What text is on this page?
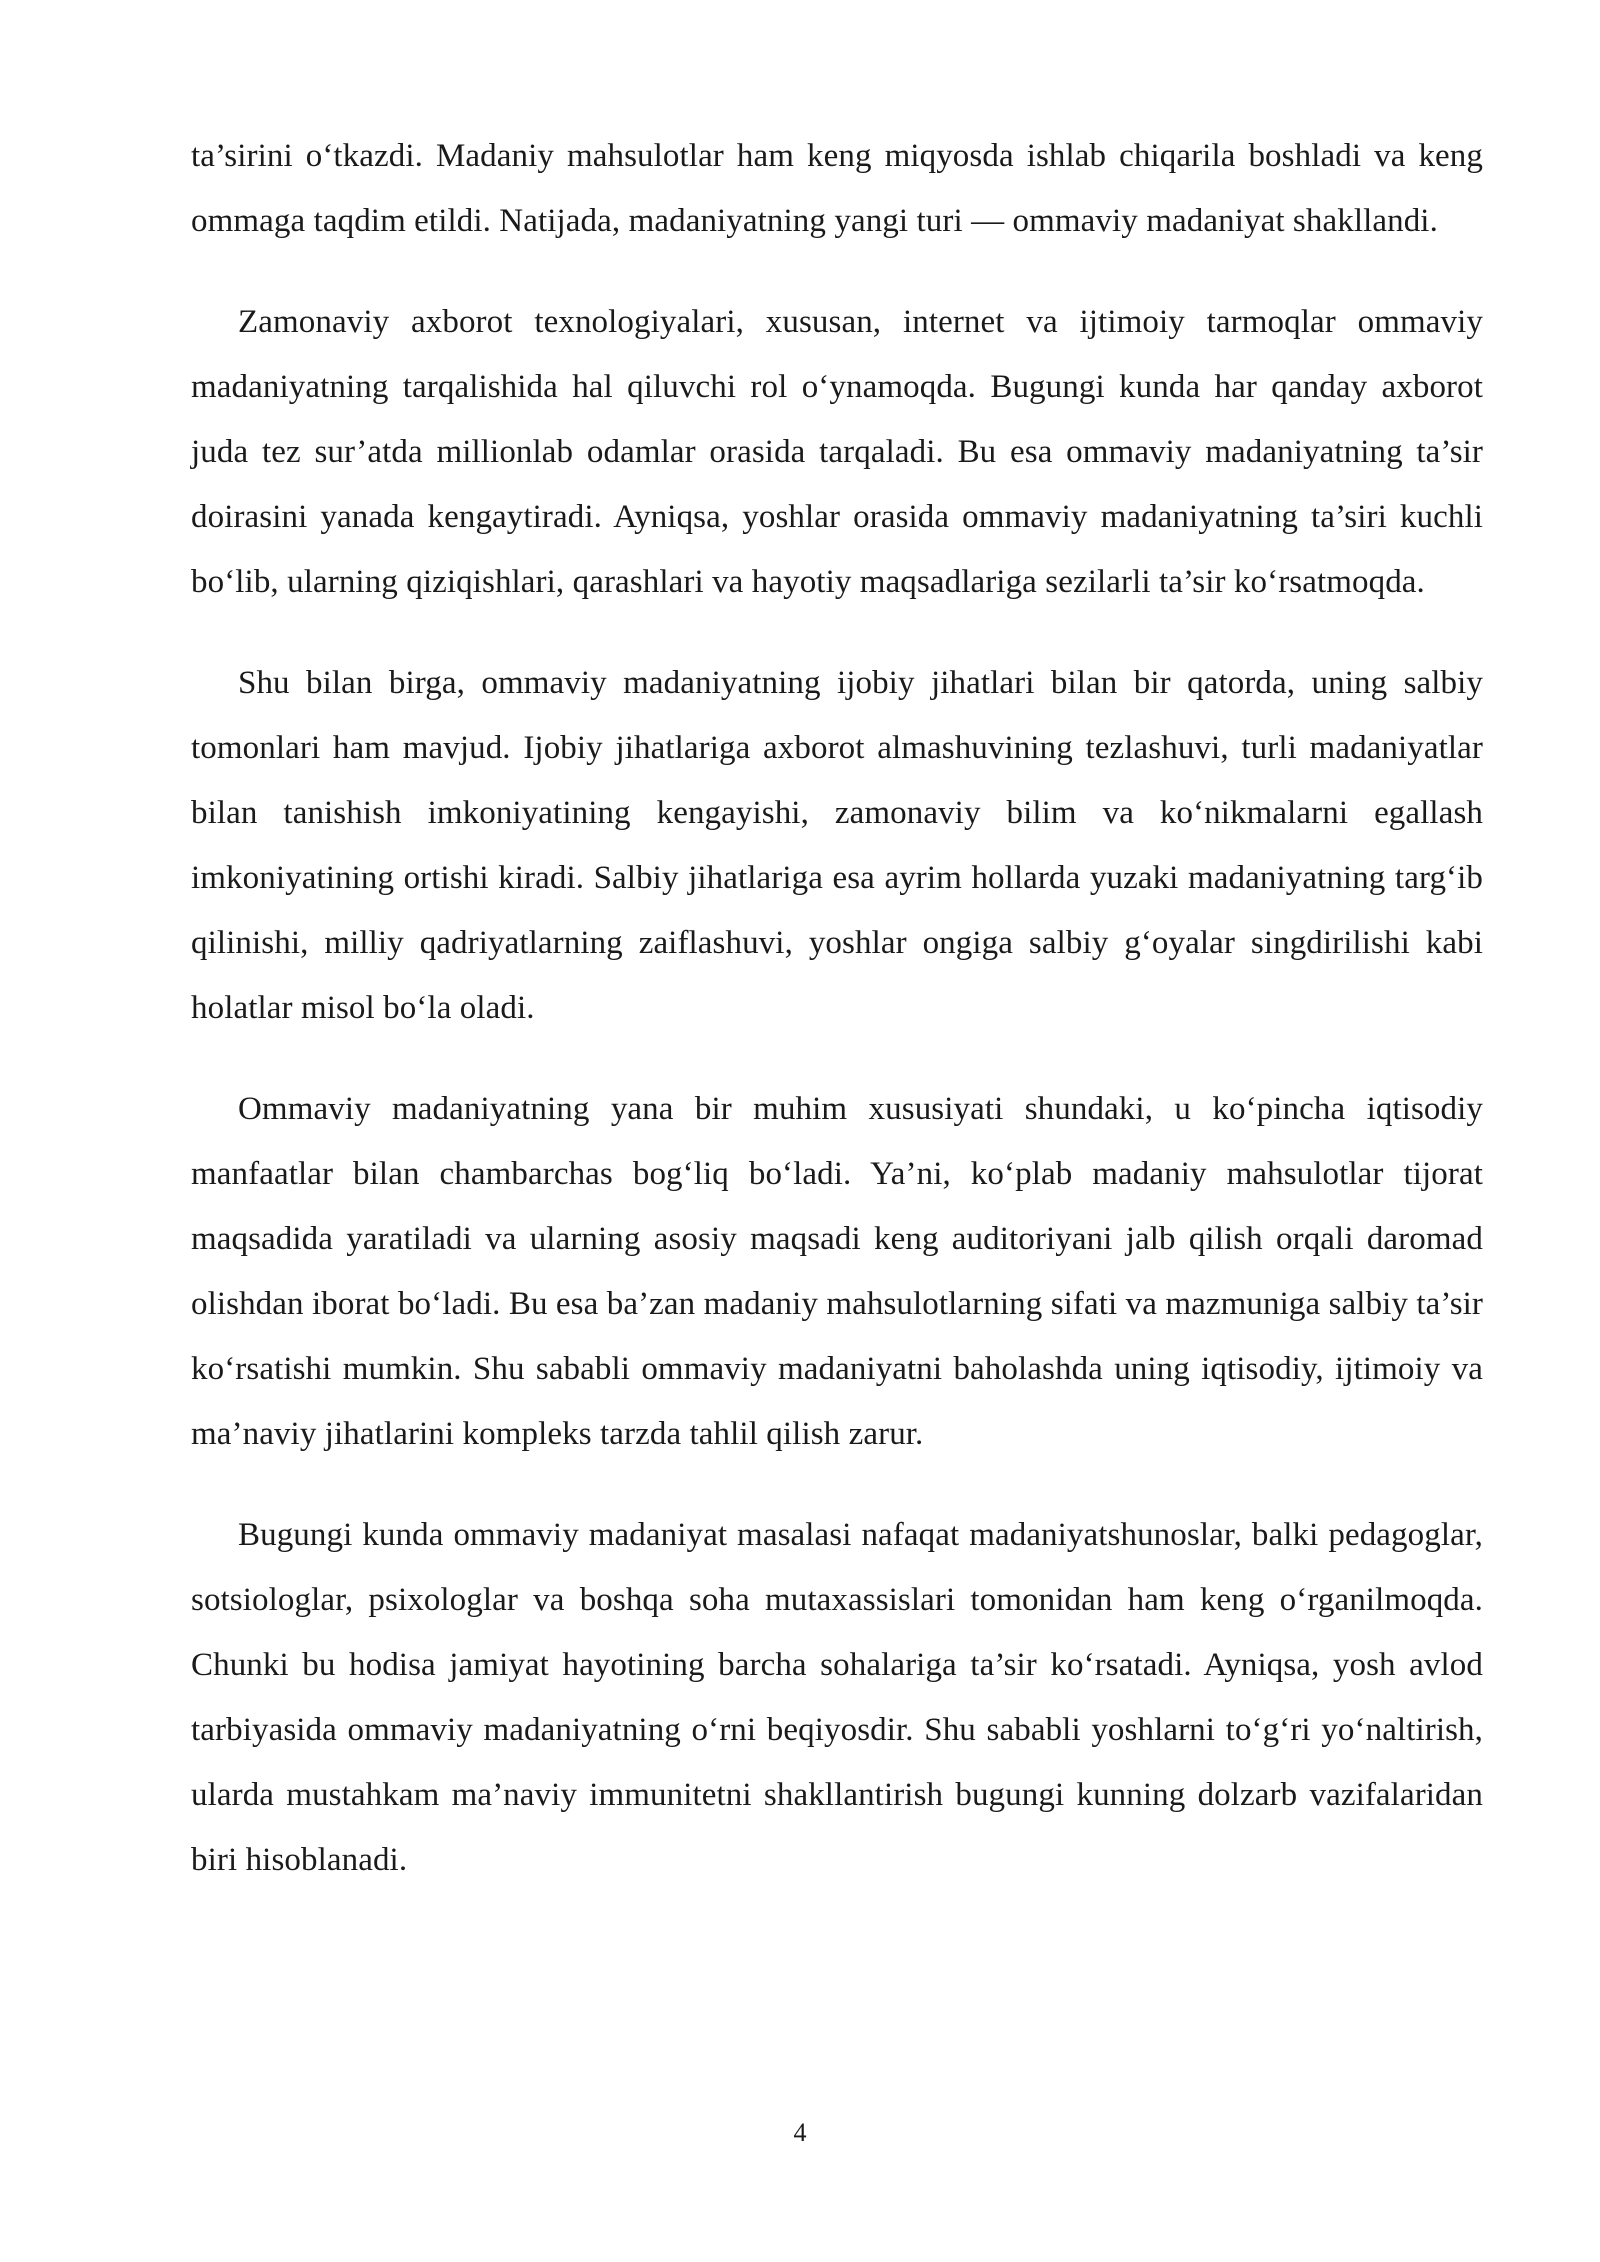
ta’sirini o‘tkazdi. Madaniy mahsulotlar ham keng miqyosda ishlab chiqarila boshladi va keng ommaga taqdim etildi. Natijada, madaniyatning yangi turi — ommaviy madaniyat shakllandi.

Zamonaviy axborot texnologiyalari, xususan, internet va ijtimoiy tarmoqlar ommaviy madaniyatning tarqalishida hal qiluvchi rol o‘ynamoqda. Bugungi kunda har qanday axborot juda tez sur’atda millionlab odamlar orasida tarqaladi. Bu esa ommaviy madaniyatning ta’sir doirasini yanada kengaytiradi. Ayniqsa, yoshlar orasida ommaviy madaniyatning ta’siri kuchli bo‘lib, ularning qiziqishlari, qarashlari va hayotiy maqsadlariga sezilarli ta’sir ko‘rsatmoqda.

Shu bilan birga, ommaviy madaniyatning ijobiy jihatlari bilan bir qatorda, uning salbiy tomonlari ham mavjud. Ijobiy jihatlariga axborot almashuvining tezlashuvi, turli madaniyatlar bilan tanishish imkoniyatining kengayishi, zamonaviy bilim va ko‘nikmalarni egallash imkoniyatining ortishi kiradi. Salbiy jihatlariga esa ayrim hollarda yuzaki madaniyatning targ‘ib qilinishi, milliy qadriyatlarning zaiflashuvi, yoshlar ongiga salbiy g‘oyalar singdirilishi kabi holatlar misol bo‘la oladi.

Ommaviy madaniyatning yana bir muhim xususiyati shundaki, u ko‘pincha iqtisodiy manfaatlar bilan chambarchas bog‘liq bo‘ladi. Ya’ni, ko‘plab madaniy mahsulotlar tijorat maqsadida yaratiladi va ularning asosiy maqsadi keng auditoriyani jalb qilish orqali daromad olishdan iborat bo‘ladi. Bu esa ba’zan madaniy mahsulotlarning sifati va mazmuniga salbiy ta’sir ko‘rsatishi mumkin. Shu sababli ommaviy madaniyatni baholashda uning iqtisodiy, ijtimoiy va ma’naviy jihatlarini kompleks tarzda tahlil qilish zarur.

Bugungi kunda ommaviy madaniyat masalasi nafaqat madaniyatshunoslar, balki pedagoglar, sotsiologlar, psixologlar va boshqa soha mutaxassislari tomonidan ham keng o‘rganilmoqda. Chunki bu hodisa jamiyat hayotining barcha sohalariga ta’sir ko‘rsatadi. Ayniqsa, yosh avlod tarbiyasida ommaviy madaniyatning o‘rni beqiyosdir. Shu sababli yoshlarni to‘g‘ri yo‘naltirish, ularda mustahkam ma’naviy immunitetni shakllantirish bugungi kunning dolzarb vazifalaridan biri hisoblanadi.

4
